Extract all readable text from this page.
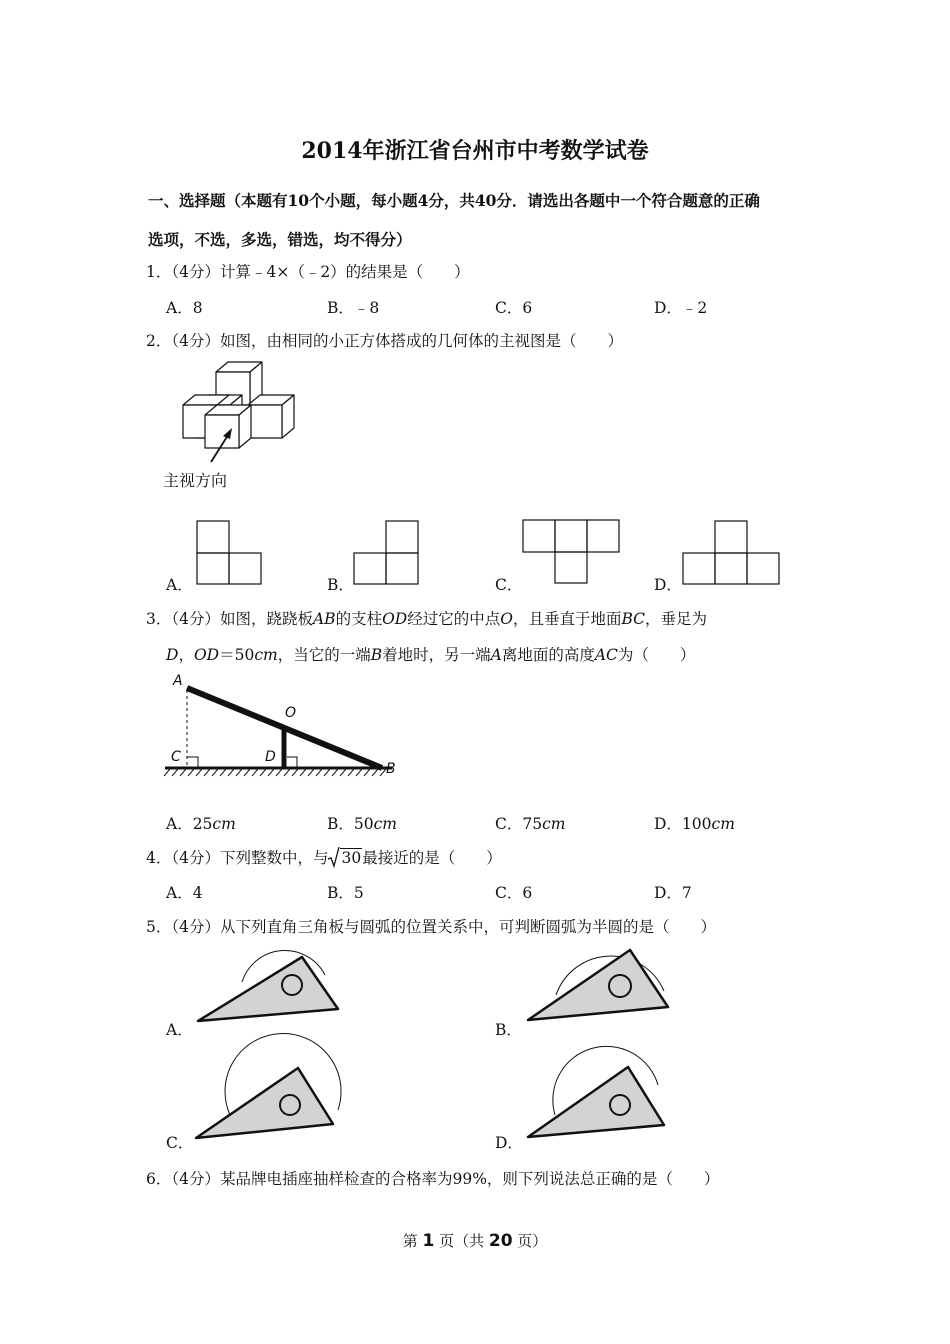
2014年浙江省台州市中考数学试卷
一、选择题（本题有10个小题，每小题4分，共40分．请选出各题中一个符合题意的正确
选项，不选，多选，错选，均不得分）
1．（4分）计算﹣4×（﹣2）的结果是（　　）
A．8	B．﹣8	C．6	D．﹣2
2．（4分）如图，由相同的小正方体搭成的几何体的主视图是（　　）
主视方向
A．	B．	C．	D．
3．（4分）如图，跷跷板AB的支柱OD经过它的中点O，且垂直于地面BC，垂足为
D，OD＝50cm，当它的一端B着地时，另一端A离地面的高度AC为（　　）
A
O
C	D
B
A．25cm	B．50cm	C．75cm	D．100cm
4．（4分）下列整数中，与 30最接近的是（　　）
A．4	B．5	C．6	D．7
5．（4分）从下列直角三角板与圆弧的位置关系中，可判断圆弧为半圆的是（　　）
A．	B．
C．	D．
6．（4分）某品牌电插座抽样检查的合格率为99%，则下列说法总正确的是（　　）
第 1 页（共 20 页）
